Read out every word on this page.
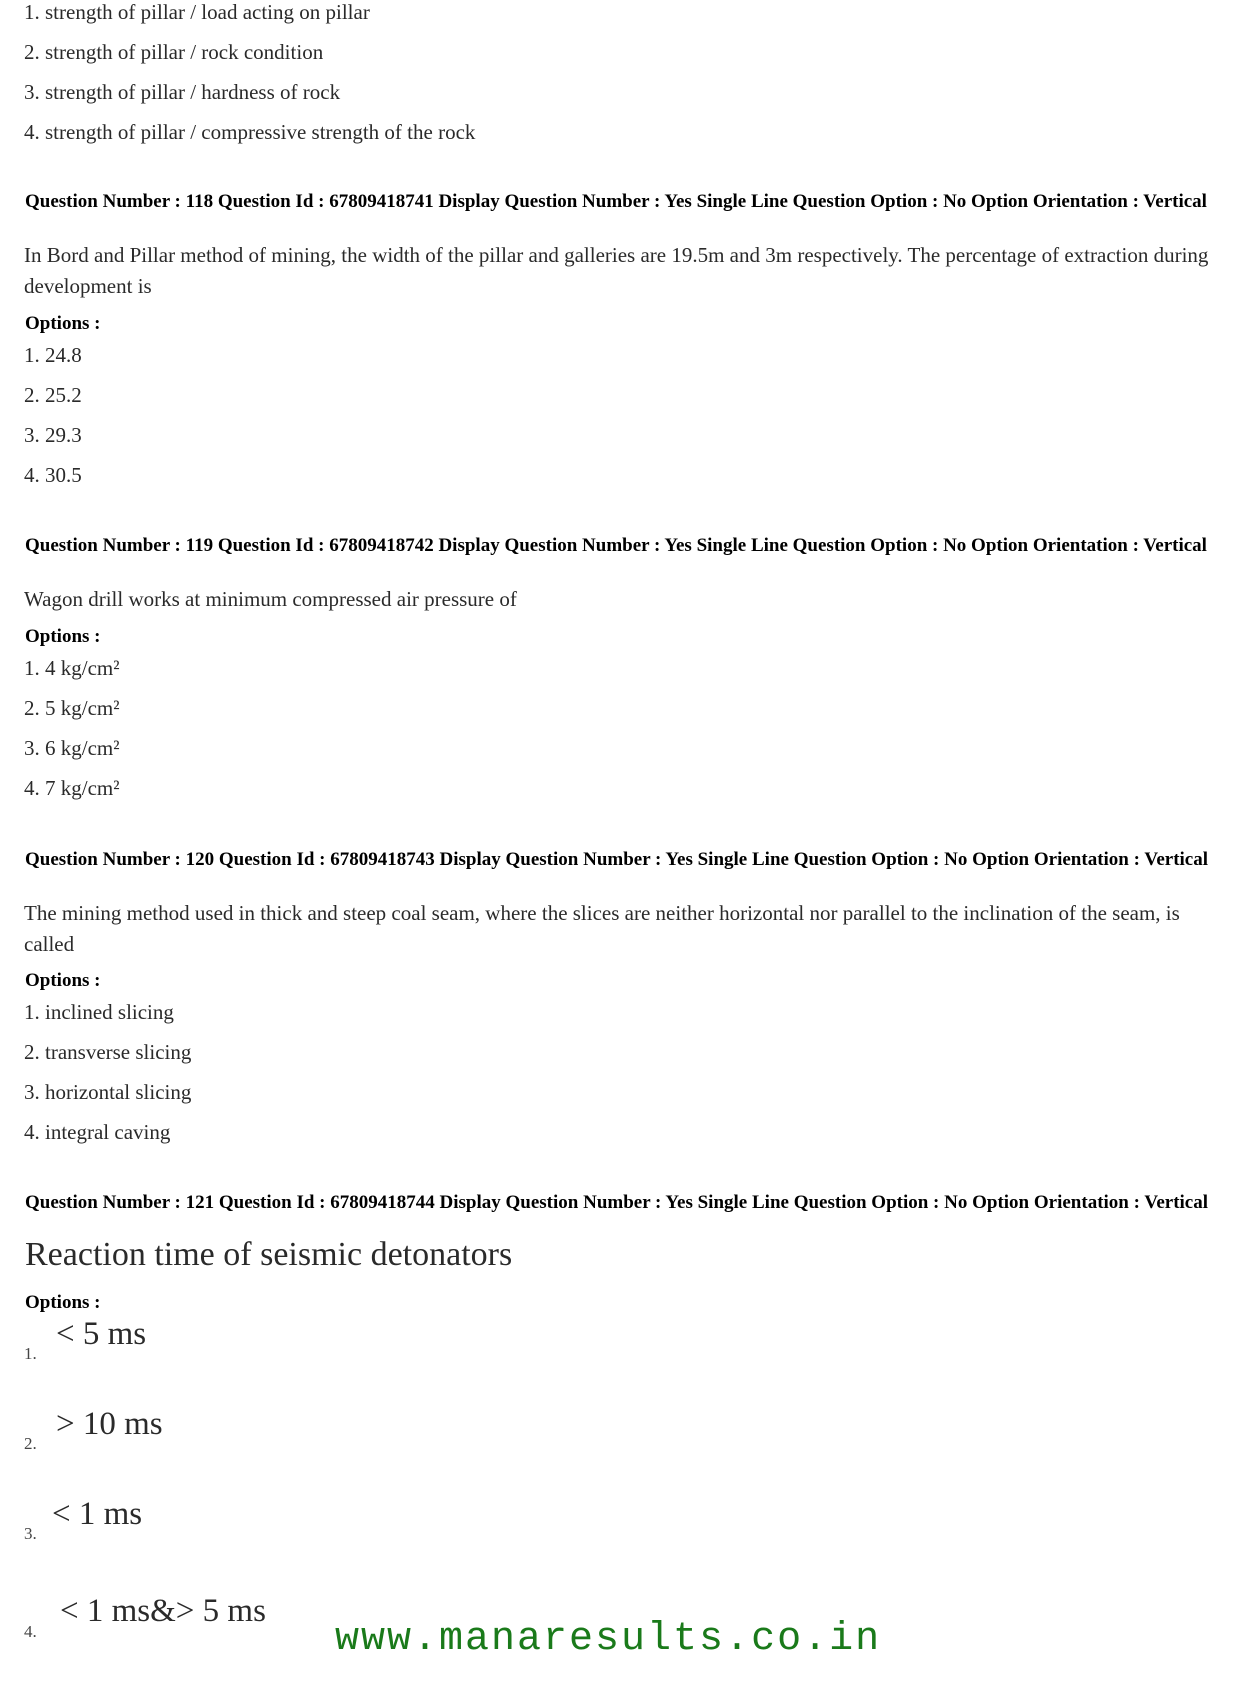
1. strength of pillar / load acting on pillar
2. strength of pillar / rock condition
3. strength of pillar / hardness of rock
4. strength of pillar / compressive strength of the rock
Question Number : 118 Question Id : 67809418741 Display Question Number : Yes Single Line Question Option : No Option Orientation : Vertical
In Bord and Pillar method of mining, the width of the pillar and galleries are 19.5m and 3m respectively. The percentage of extraction during development is
Options :
1. 24.8
2. 25.2
3. 29.3
4. 30.5
Question Number : 119 Question Id : 67809418742 Display Question Number : Yes Single Line Question Option : No Option Orientation : Vertical
Wagon drill works at minimum compressed air pressure of
Options :
1. 4 kg/cm²
2. 5 kg/cm²
3. 6 kg/cm²
4. 7 kg/cm²
Question Number : 120 Question Id : 67809418743 Display Question Number : Yes Single Line Question Option : No Option Orientation : Vertical
The mining method used in thick and steep coal seam, where the slices are neither horizontal nor parallel to the inclination of the seam, is called
Options :
1. inclined slicing
2. transverse slicing
3. horizontal slicing
4. integral caving
Question Number : 121 Question Id : 67809418744 Display Question Number : Yes Single Line Question Option : No Option Orientation : Vertical
Reaction time of seismic detonators
Options :
1.
< 5 ms
2.
> 10 ms
3.
< 1 ms
4.
< 1 ms&> 5 ms
www.manaresults.co.in
